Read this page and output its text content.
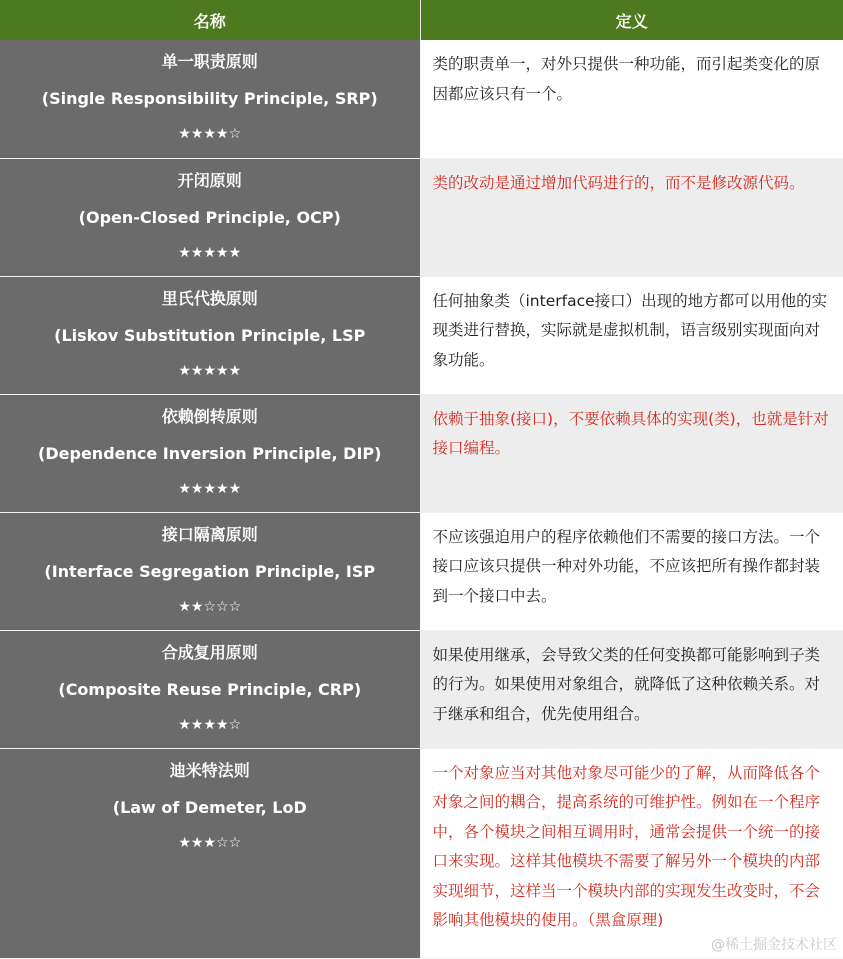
名称	定义

单一职责原则
(Single Responsibility Principle, SRP)
★★★★☆	类的职责单一，对外只提供一种功能，而引起类变化的原因都应该只有一个。

开闭原则
(Open-Closed Principle, OCP)
★★★★★	类的改动是通过增加代码进行的，而不是修改源代码。

里氏代换原则
(Liskov Substitution Principle, LSP
★★★★★	任何抽象类（interface接口）出现的地方都可以用他的实现类进行替换，实际就是虚拟机制，语言级别实现面向对象功能。

依赖倒转原则
(Dependence Inversion Principle, DIP)
★★★★★	依赖于抽象(接口)，不要依赖具体的实现(类)，也就是针对接口编程。

接口隔离原则
(Interface Segregation Principle, ISP
★★☆☆☆	不应该强迫用户的程序依赖他们不需要的接口方法。一个接口应该只提供一种对外功能，不应该把所有操作都封装到一个接口中去。

合成复用原则
(Composite Reuse Principle, CRP)
★★★★☆	如果使用继承，会导致父类的任何变换都可能影响到子类的行为。如果使用对象组合，就降低了这种依赖关系。对于继承和组合，优先使用组合。

迪米特法则
(Law of Demeter, LoD
★★★☆☆	一个对象应当对其他对象尽可能少的了解，从而降低各个对象之间的耦合，提高系统的可维护性。例如在一个程序中，各个模块之间相互调用时，通常会提供一个统一的接口来实现。这样其他模块不需要了解另外一个模块的内部实现细节，这样当一个模块内部的实现发生改变时，不会影响其他模块的使用。（黑盒原理)
@稀土掘金技术社区
